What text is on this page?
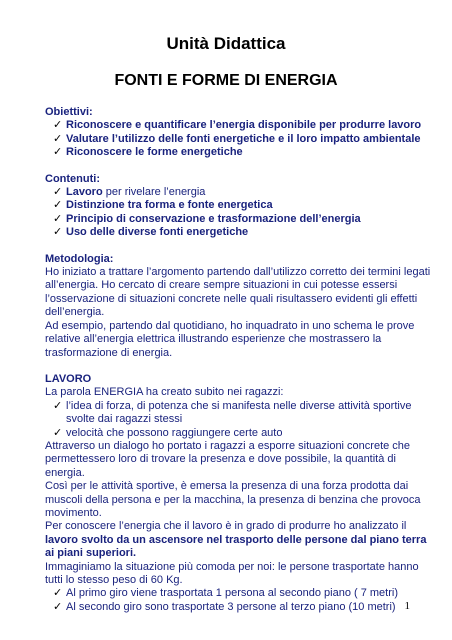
Unità Didattica
FONTI E FORME DI ENERGIA
Obiettivi:
✓ Riconoscere e quantificare l’energia disponibile per produrre lavoro
✓ Valutare l’utilizzo delle fonti energetiche e il loro impatto ambientale
✓ Riconoscere le forme energetiche
Contenuti:
✓ Lavoro per rivelare l’energia
✓ Distinzione tra forma e fonte energetica
✓ Principio di conservazione e trasformazione dell’energia
✓ Uso delle diverse fonti energetiche
Metodologia:

Ho iniziato a trattare l’argomento partendo dall’utilizzo corretto dei termini legati all’energia. Ho cercato di creare sempre situazioni in cui potesse essersi l’osservazione di situazioni concrete nelle quali risultassero evidenti gli effetti dell’energia.

Ad esempio, partendo dal quotidiano, ho inquadrato in uno schema le prove relative all’energia elettrica illustrando esperienze che mostrassero la trasformazione di energia.

LAVORO

La parola ENERGIA ha creato subito nei ragazzi:

✓ l’idea di forza, di potenza che si manifesta nelle diverse attività sportive svolte dai ragazzi stessi
✓ velocità che possono raggiungere certe auto

Attraverso un dialogo ho portato i ragazzi a esporre situazioni concrete che permettessero loro di trovare la presenza e dove possibile, la quantità di energia.

Così per le attività sportive, è emersa la presenza di una forza prodotta dai muscoli della persona e per la macchina, la presenza di benzina che provoca movimento.

Per conoscere l’energia che il lavoro è in grado di produrre ho analizzato il lavoro svolto da un ascensore nel trasporto delle persone dal piano terra ai piani superiori.

Immaginiamo la situazione più comoda per noi: le persone trasportate hanno tutti lo stesso peso di 60 Kg.

✓ Al primo giro viene trasportata 1 persona al secondo piano ( 7 metri)
✓ Al secondo giro sono trasportate 3 persone al terzo piano (10 metri) 1
